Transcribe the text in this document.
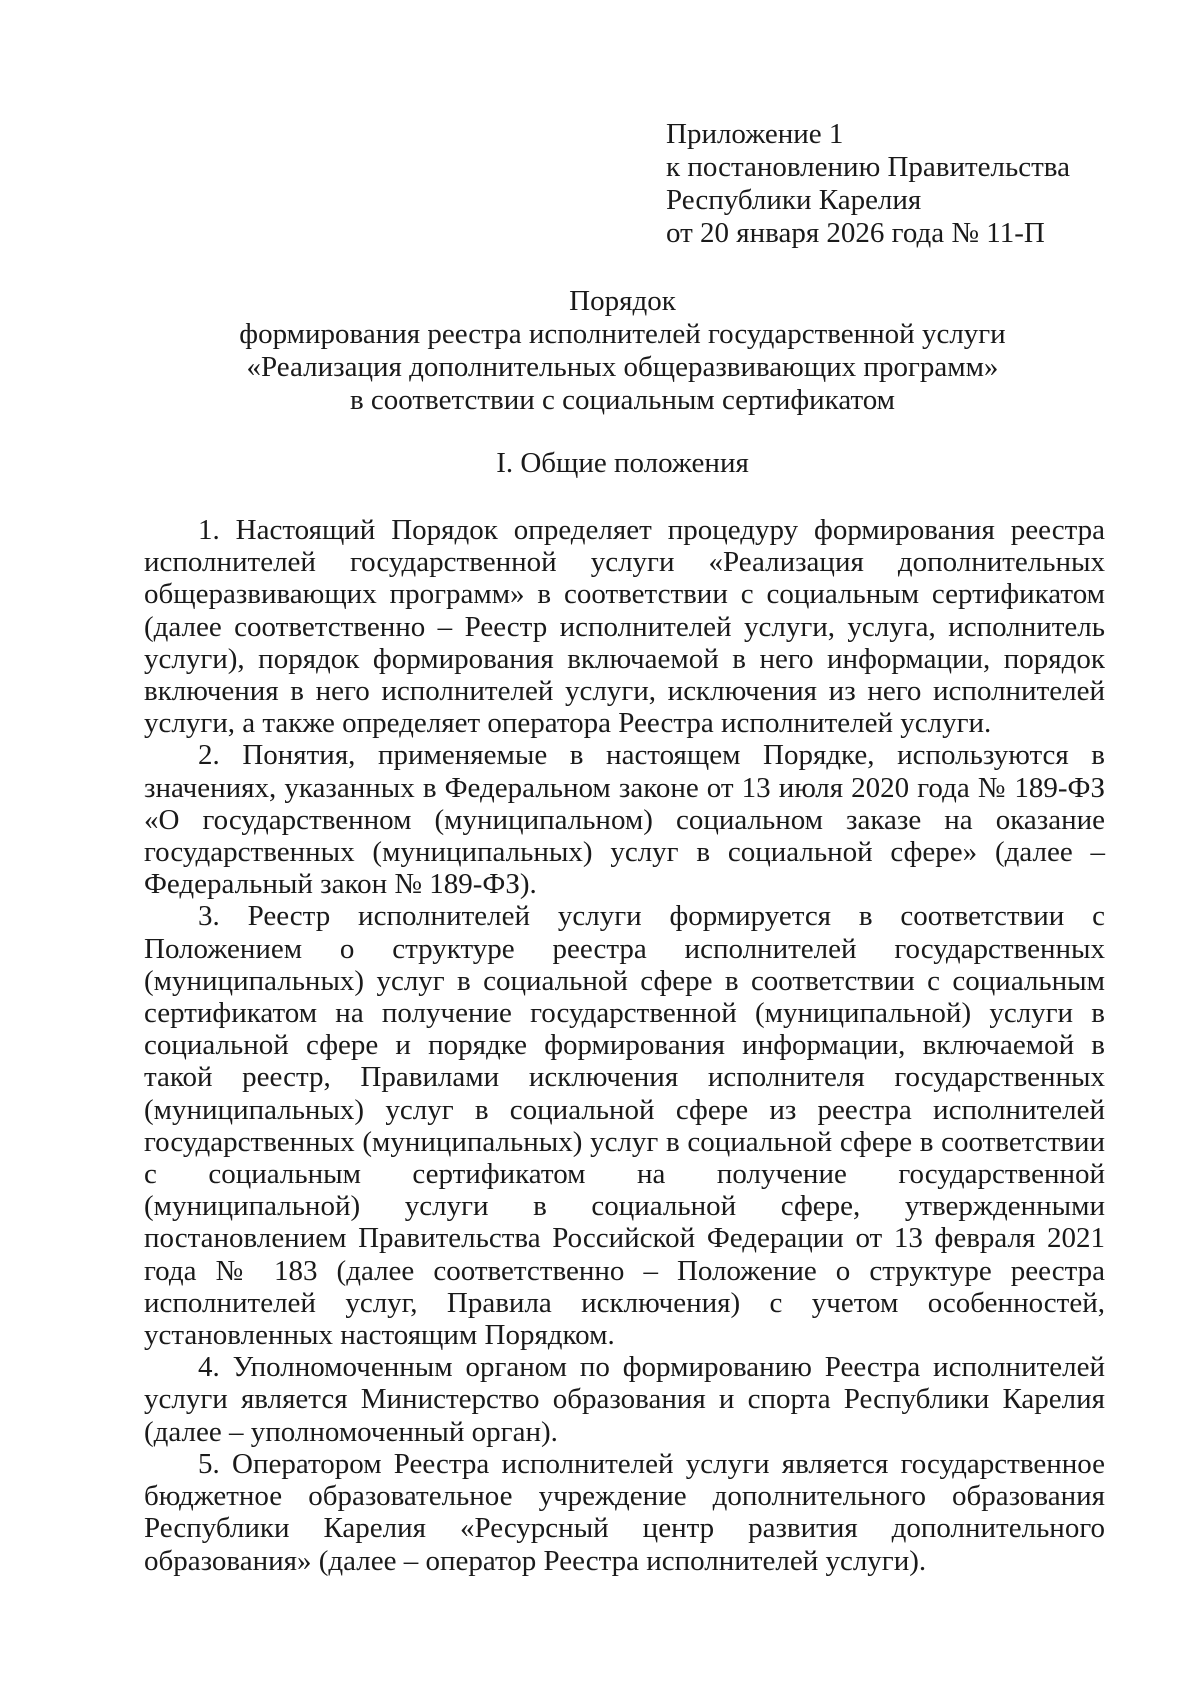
Приложение 1
к постановлению Правительства
Республики Карелия
от 20 января 2026 года № 11-П
Порядок
формирования реестра исполнителей государственной услуги
«Реализация дополнительных общеразвивающих программ»
в соответствии с социальным сертификатом
I. Общие положения

1. Настоящий Порядок определяет процедуру формирования реестра исполнителей государственной услуги «Реализация дополнительных общеразвивающих программ» в соответствии с социальным сертификатом (далее соответственно – Реестр исполнителей услуги, услуга, исполнитель услуги), порядок формирования включаемой в него информации, порядок включения в него исполнителей услуги, исключения из него исполнителей услуги, а также определяет оператора Реестра исполнителей услуги.

2. Понятия, применяемые в настоящем Порядке, используются в значениях, указанных в Федеральном законе от 13 июля 2020 года № 189-ФЗ «О государственном (муниципальном) социальном заказе на оказание государственных (муниципальных) услуг в социальной сфере» (далее – Федеральный закон № 189-ФЗ).

3. Реестр исполнителей услуги формируется в соответствии с Положением о структуре реестра исполнителей государственных (муниципальных) услуг в социальной сфере в соответствии с социальным сертификатом на получение государственной (муниципальной) услуги в социальной сфере и порядке формирования информации, включаемой в такой реестр, Правилами исключения исполнителя государственных (муниципальных) услуг в социальной сфере из реестра исполнителей государственных (муниципальных) услуг в социальной сфере в соответствии с социальным сертификатом на получение государственной (муниципальной) услуги в социальной сфере, утвержденными постановлением Правительства Российской Федерации от 13 февраля 2021 года № 183 (далее соответственно – Положение о структуре реестра исполнителей услуг, Правила исключения) с учетом особенностей, установленных настоящим Порядком.

4. Уполномоченным органом по формированию Реестра исполнителей услуги является Министерство образования и спорта Республики Карелия (далее – уполномоченный орган).

5. Оператором Реестра исполнителей услуги является государственное бюджетное образовательное учреждение дополнительного образования Республики Карелия «Ресурсный центр развития дополнительного образования» (далее – оператор Реестра исполнителей услуги).
